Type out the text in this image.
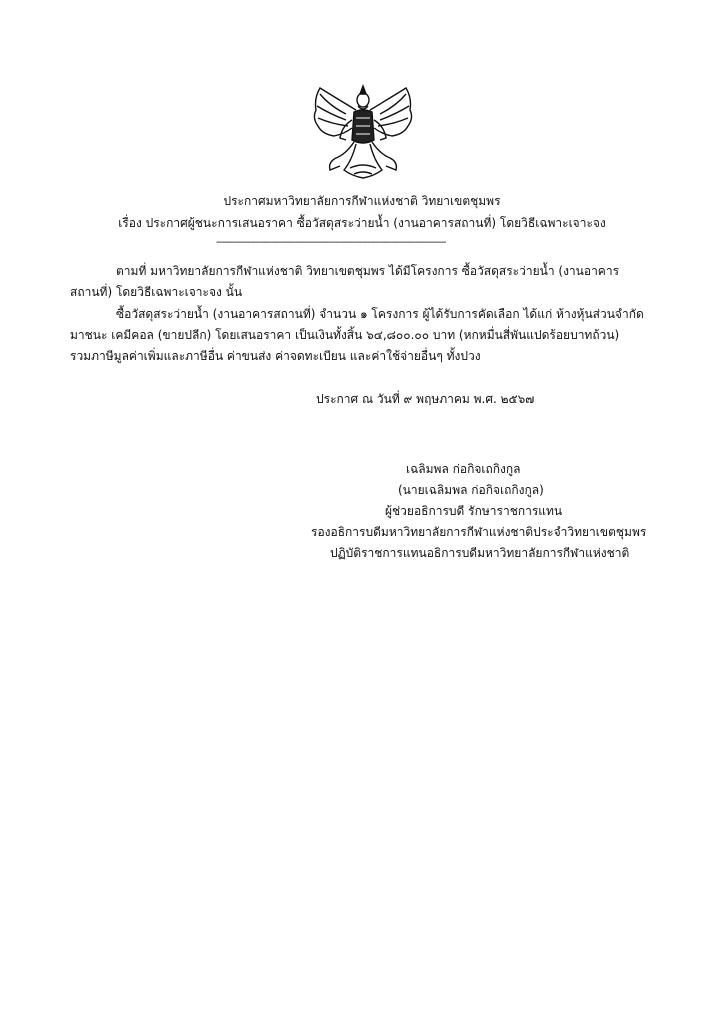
ประกาศมหาวิทยาลัยการกีฬาแห่งชาติ วิทยาเขตชุมพร
เรื่อง ประกาศผู้ชนะการเสนอราคา ซื้อวัสดุสระว่ายน้ำ (งานอาคารสถานที่) โดยวิธีเฉพาะเจาะจง
----------------------------------------------------------------------------------------
ตามที่ มหาวิทยาลัยการกีฬาแห่งชาติ วิทยาเขตชุมพร ได้มีโครงการ ซื้อวัสดุสระว่ายน้ำ (งานอาคาร
สถานที่) โดยวิธีเฉพาะเจาะจง นั้น
ซื้อวัสดุสระว่ายน้ำ (งานอาคารสถานที่) จำนวน ๑ โครงการ ผู้ได้รับการคัดเลือก ได้แก่ ห้างหุ้นส่วนจำกัด
มาชนะ เคมีคอล (ขายปลีก) โดยเสนอราคา เป็นเงินทั้งสิ้น ๖๔,๘๐๐.๐๐ บาท (หกหมื่นสี่พันแปดร้อยบาทถ้วน)
รวมภาษีมูลค่าเพิ่มและภาษีอื่น ค่าขนส่ง ค่าจดทะเบียน และค่าใช้จ่ายอื่นๆ ทั้งปวง
ประกาศ ณ วันที่ ๙ พฤษภาคม พ.ศ. ๒๕๖๗
เฉลิมพล ก่อกิจเถกิงกูล
(นายเฉลิมพล ก่อกิจเถกิงกูล)
ผู้ช่วยอธิการบดี รักษาราชการแทน
รองอธิการบดีมหาวิทยาลัยการกีฬาแห่งชาติประจำวิทยาเขตชุมพร
ปฏิบัติราชการแทนอธิการบดีมหาวิทยาลัยการกีฬาแห่งชาติ
